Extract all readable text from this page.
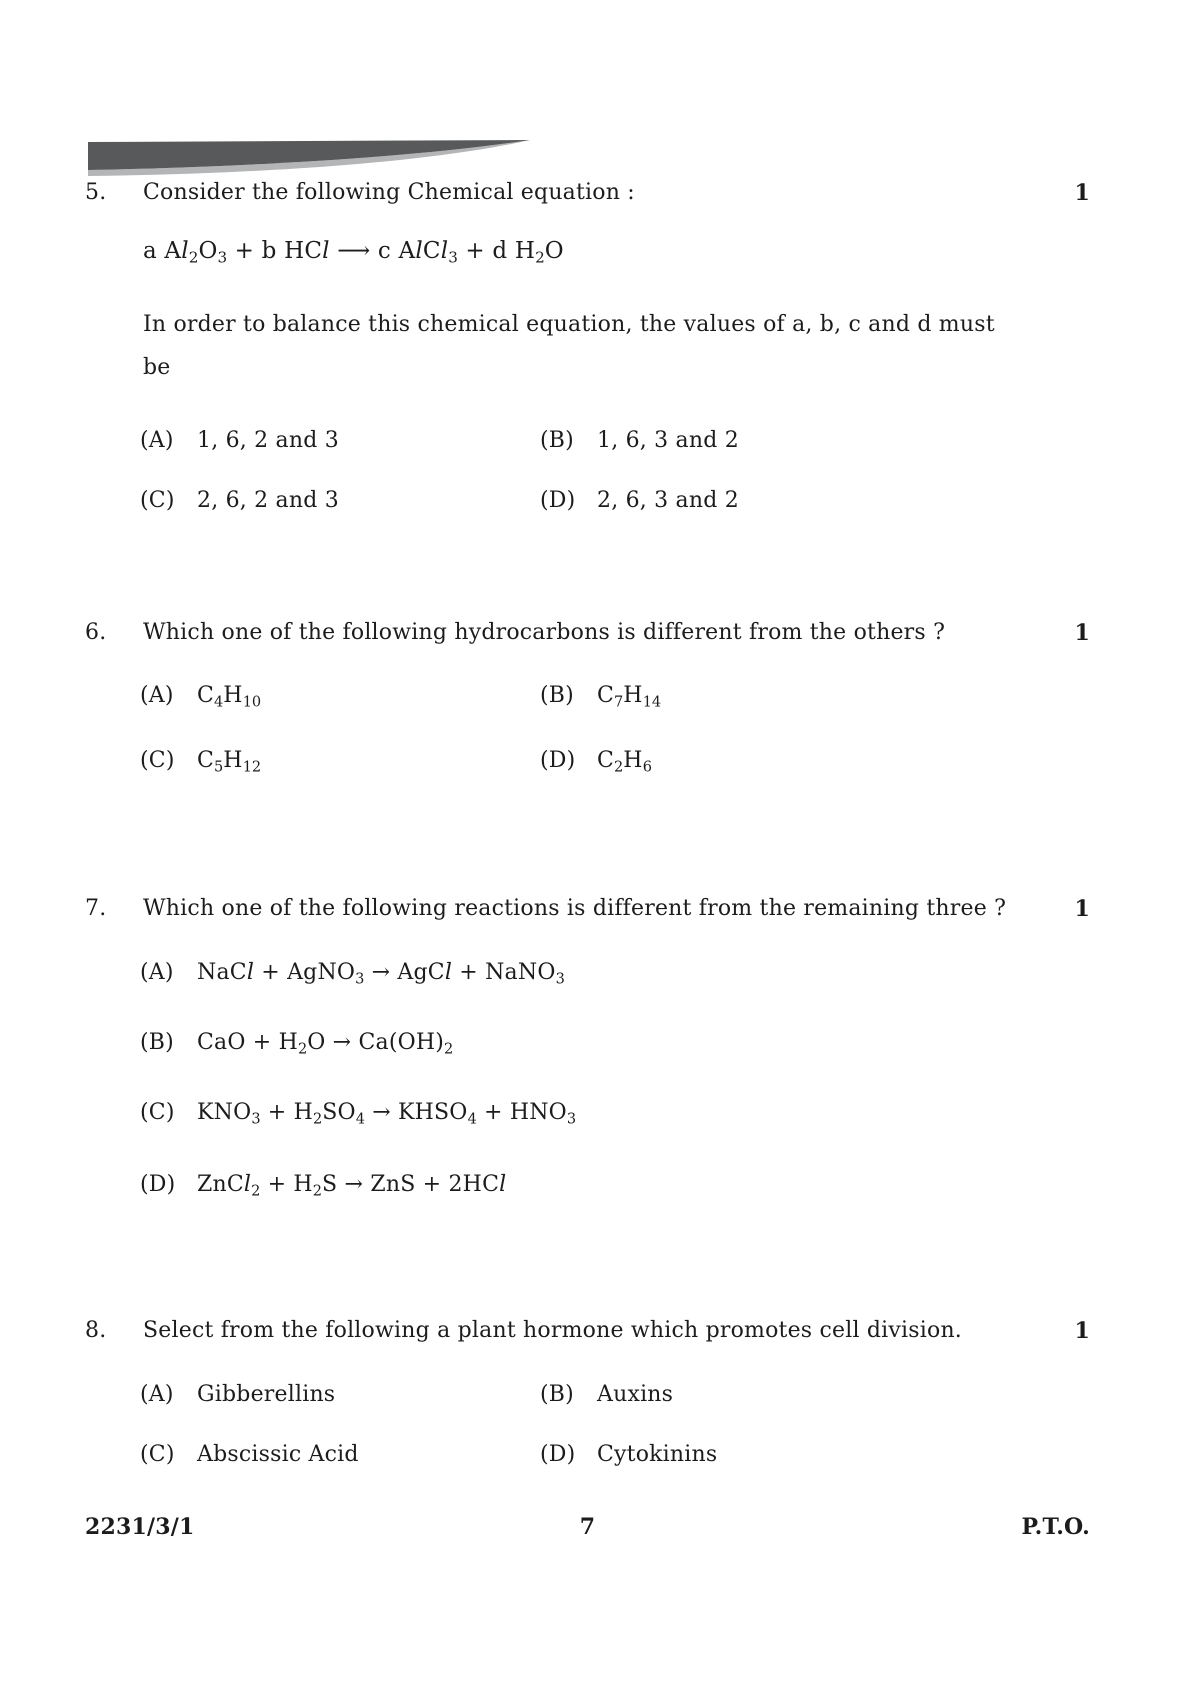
5. Consider the following Chemical equation :	1
a Al2O3 + b HCl ⟶ c AlCl3 + d H2O
In order to balance this chemical equation, the values of a, b, c and d must
be
(A) 1, 6, 2 and 3	(B) 1, 6, 3 and 2
(C) 2, 6, 2 and 3	(D) 2, 6, 3 and 2
6. Which one of the following hydrocarbons is different from the others ?	1
(A) C4H10	(B) C7H14
(C) C5H12	(D) C2H6
7. Which one of the following reactions is different from the remaining three ?	1
(A) NaCl + AgNO3 → AgCl + NaNO3
(B) CaO + H2O → Ca(OH)2
(C) KNO3 + H2SO4 → KHSO4 + HNO3
(D) ZnCl2 + H2S → ZnS + 2HCl
8. Select from the following a plant hormone which promotes cell division.	1
(A) Gibberellins	(B) Auxins
(C) Abscissic Acid	(D) Cytokinins
2231/3/1	7	P.T.O.
